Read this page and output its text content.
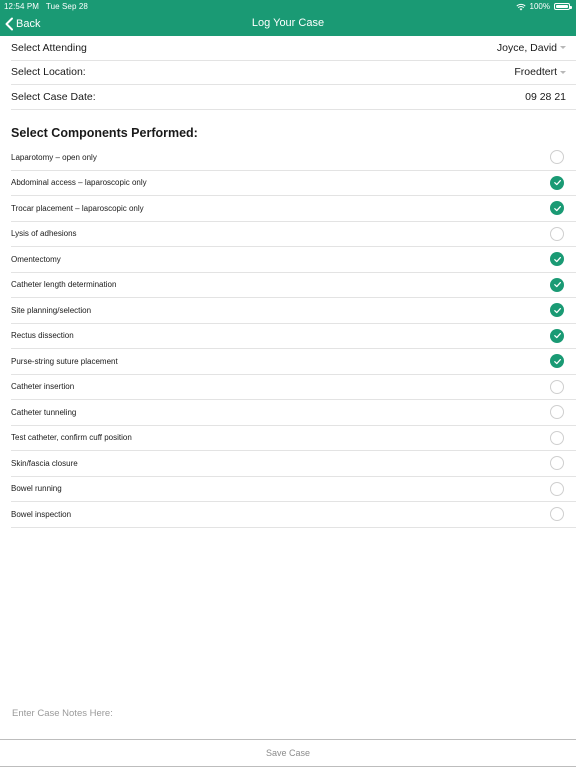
12:54 PM Tue Sep 28	100%
Back	Log Your Case
Select Attending	Joyce, David
Select Location:	Froedtert
Select Case Date:	09 28 21
Select Components Performed:
Laparotomy – open only
Abdominal access – laparoscopic only
Trocar placement – laparoscopic only
Lysis of adhesions
Omentectomy
Catheter length determination
Site planning/selection
Rectus dissection
Purse-string suture placement
Catheter insertion
Catheter tunneling
Test catheter, confirm cuff position
Skin/fascia closure
Bowel running
Bowel inspection
Enter Case Notes Here:
Save Case
